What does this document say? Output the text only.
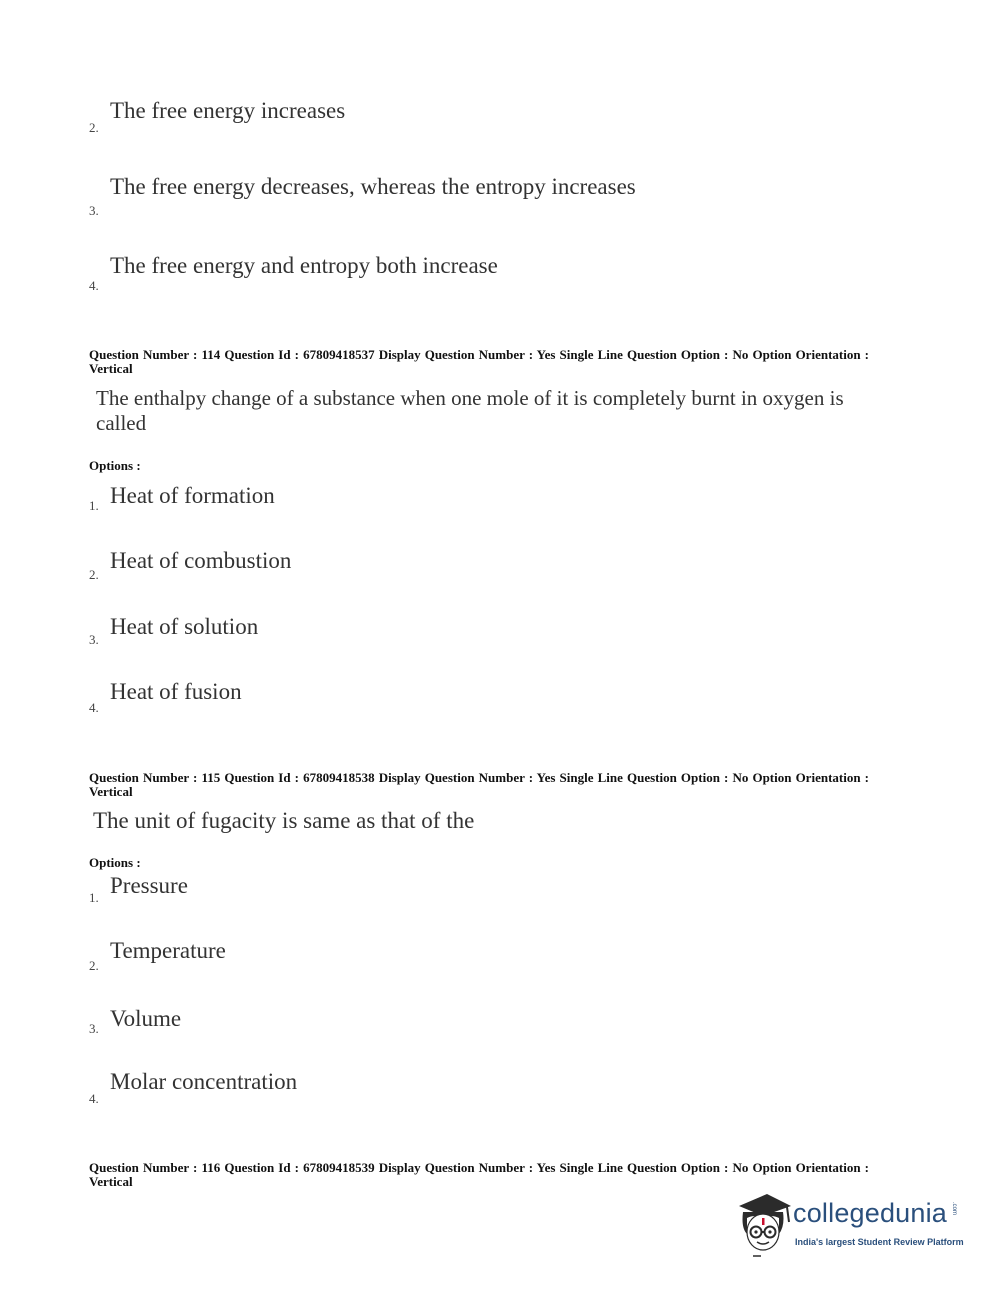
2.
The free energy increases
3.
The free energy decreases, whereas the entropy increases
4.
The free energy and entropy both increase
Question Number : 114 Question Id : 67809418537 Display Question Number : Yes Single Line Question Option : No Option Orientation : Vertical
The enthalpy change of a substance when one mole of it is completely burnt in oxygen is called
Options :
1. Heat of formation
2.
Heat of combustion
3.
Heat of solution
4.
Heat of fusion
Question Number : 115 Question Id : 67809418538 Display Question Number : Yes Single Line Question Option : No Option Orientation : Vertical
The unit of fugacity is same as that of the
Options :
1. Pressure
2.
Temperature
3. Volume
4.
Molar concentration
Question Number : 116 Question Id : 67809418539 Display Question Number : Yes Single Line Question Option : No Option Orientation : Vertical
collegedunia .com
India's largest Student Review Platform
